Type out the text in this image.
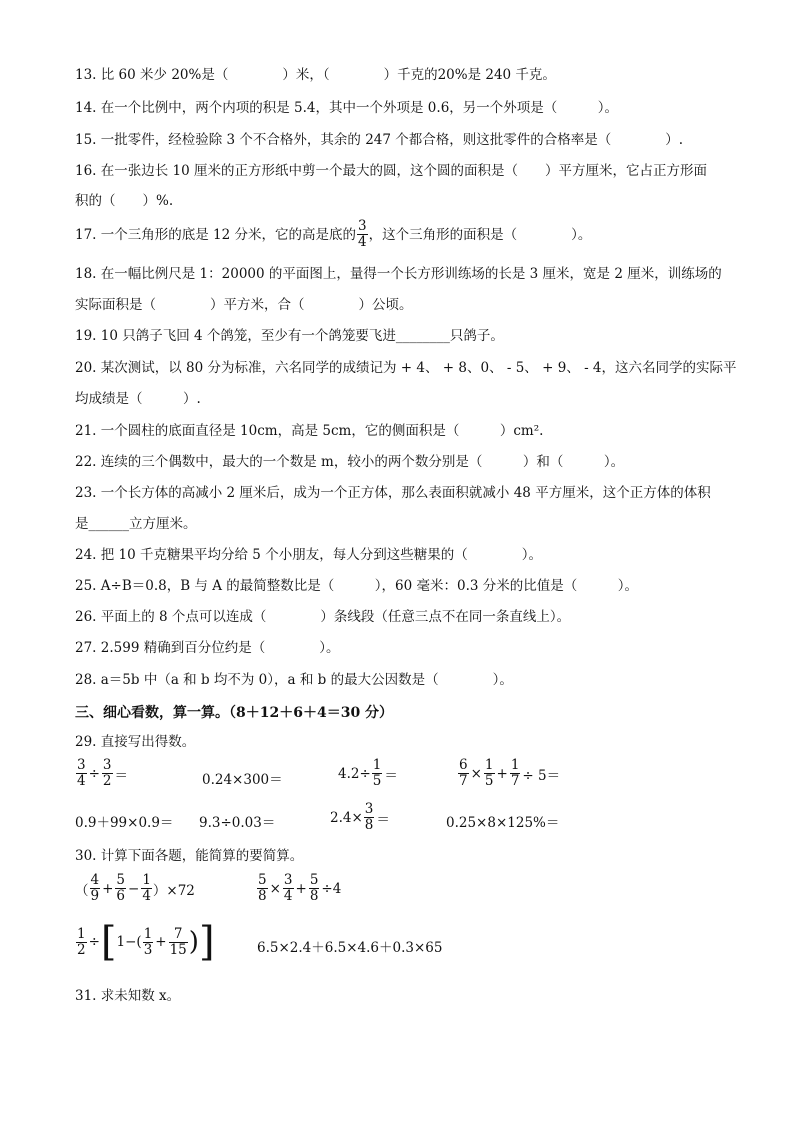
13. 比 60 米少 20%是（　　　　）米，（　　　　）千克的20%是 240 千克。
14. 在一个比例中，两个内项的积是 5.4，其中一个外项是 0.6，另一个外项是（　　　）。
15. 一批零件，经检验除 3 个不合格外，其余的 247 个都合格，则这批零件的合格率是（　　　　）.
16. 在一张边长 10 厘米的正方形纸中剪一个最大的圆，这个圆的面积是（　　）平方厘米，它占正方形面
积的（　　）%.
17. 一个三角形的底是 12 分米，它的高是底的 $\frac{3}{4}$ ，这个三角形的面积是（　　　　）。
18. 在一幅比例尺是 1：20000 的平面图上，量得一个长方形训练场的长是 3 厘米，宽是 2 厘米，训练场的
实际面积是（　　　　）平方米，合（　　　　）公顷。
19. 10 只鸽子飞回 4 个鸽笼，至少有一个鸽笼要飞进________只鸽子。
20. 某次测试，以 80 分为标准，六名同学的成绩记为 + 4、 + 8、0、 - 5、 + 9、 - 4，这六名同学的实际平
均成绩是（　　　）.
21. 一个圆柱的底面直径是 10cm，高是 5cm，它的侧面积是（　　　）cm².
22. 连续的三个偶数中，最大的一个数是 m，较小的两个数分别是（　　　）和（　　　）。
23. 一个长方体的高减小 2 厘米后，成为一个正方体，那么表面积就减小 48 平方厘米，这个正方体的体积
是______立方厘米。
24. 把 10 千克糖果平均分给 5 个小朋友，每人分到这些糖果的（　　　　）。
25. A÷B＝0.8，B 与 A 的最简整数比是（　　　），60 毫米：0.3 分米的比值是（　　　）。
26. 平面上的 8 个点可以连成（　　　　）条线段（任意三点不在同一条直线上）。
27. 2.599 精确到百分位约是（　　　　）。
28. a＝5b 中（a 和 b 均不为 0），a 和 b 的最大公因数是（　　　　）。
三、细心看数，算一算。（8＋12＋6＋4＝30 分）
29. 直接写出得数。
$\frac{3}{4} \div \frac{3}{2}$ ＝	0.24×300＝	$4.2\div \frac{1}{5}$ ＝	$\frac{6}{7} \times \frac{1}{5} + \frac{1}{7} \div 5=$
0.9＋99×0.9＝ 9.3÷0.03＝	$2.4\times \frac{3}{8}$ ＝	0.25×8×125%＝
30. 计算下面各题，能简算的要简算。
（ $\frac{4}{9} + \frac{5}{6} - \frac{1}{4} )\times 72$	$\frac{5}{8} \times \frac{3}{4} + \frac{5}{8} \div 4$
$\frac{1}{2}$ ÷ [ $1-( \frac{1}{3} + \frac{7}{15}$ ) ]	6.5×2.4＋6.5×4.6＋0.3×65
31. 求未知数 x。
